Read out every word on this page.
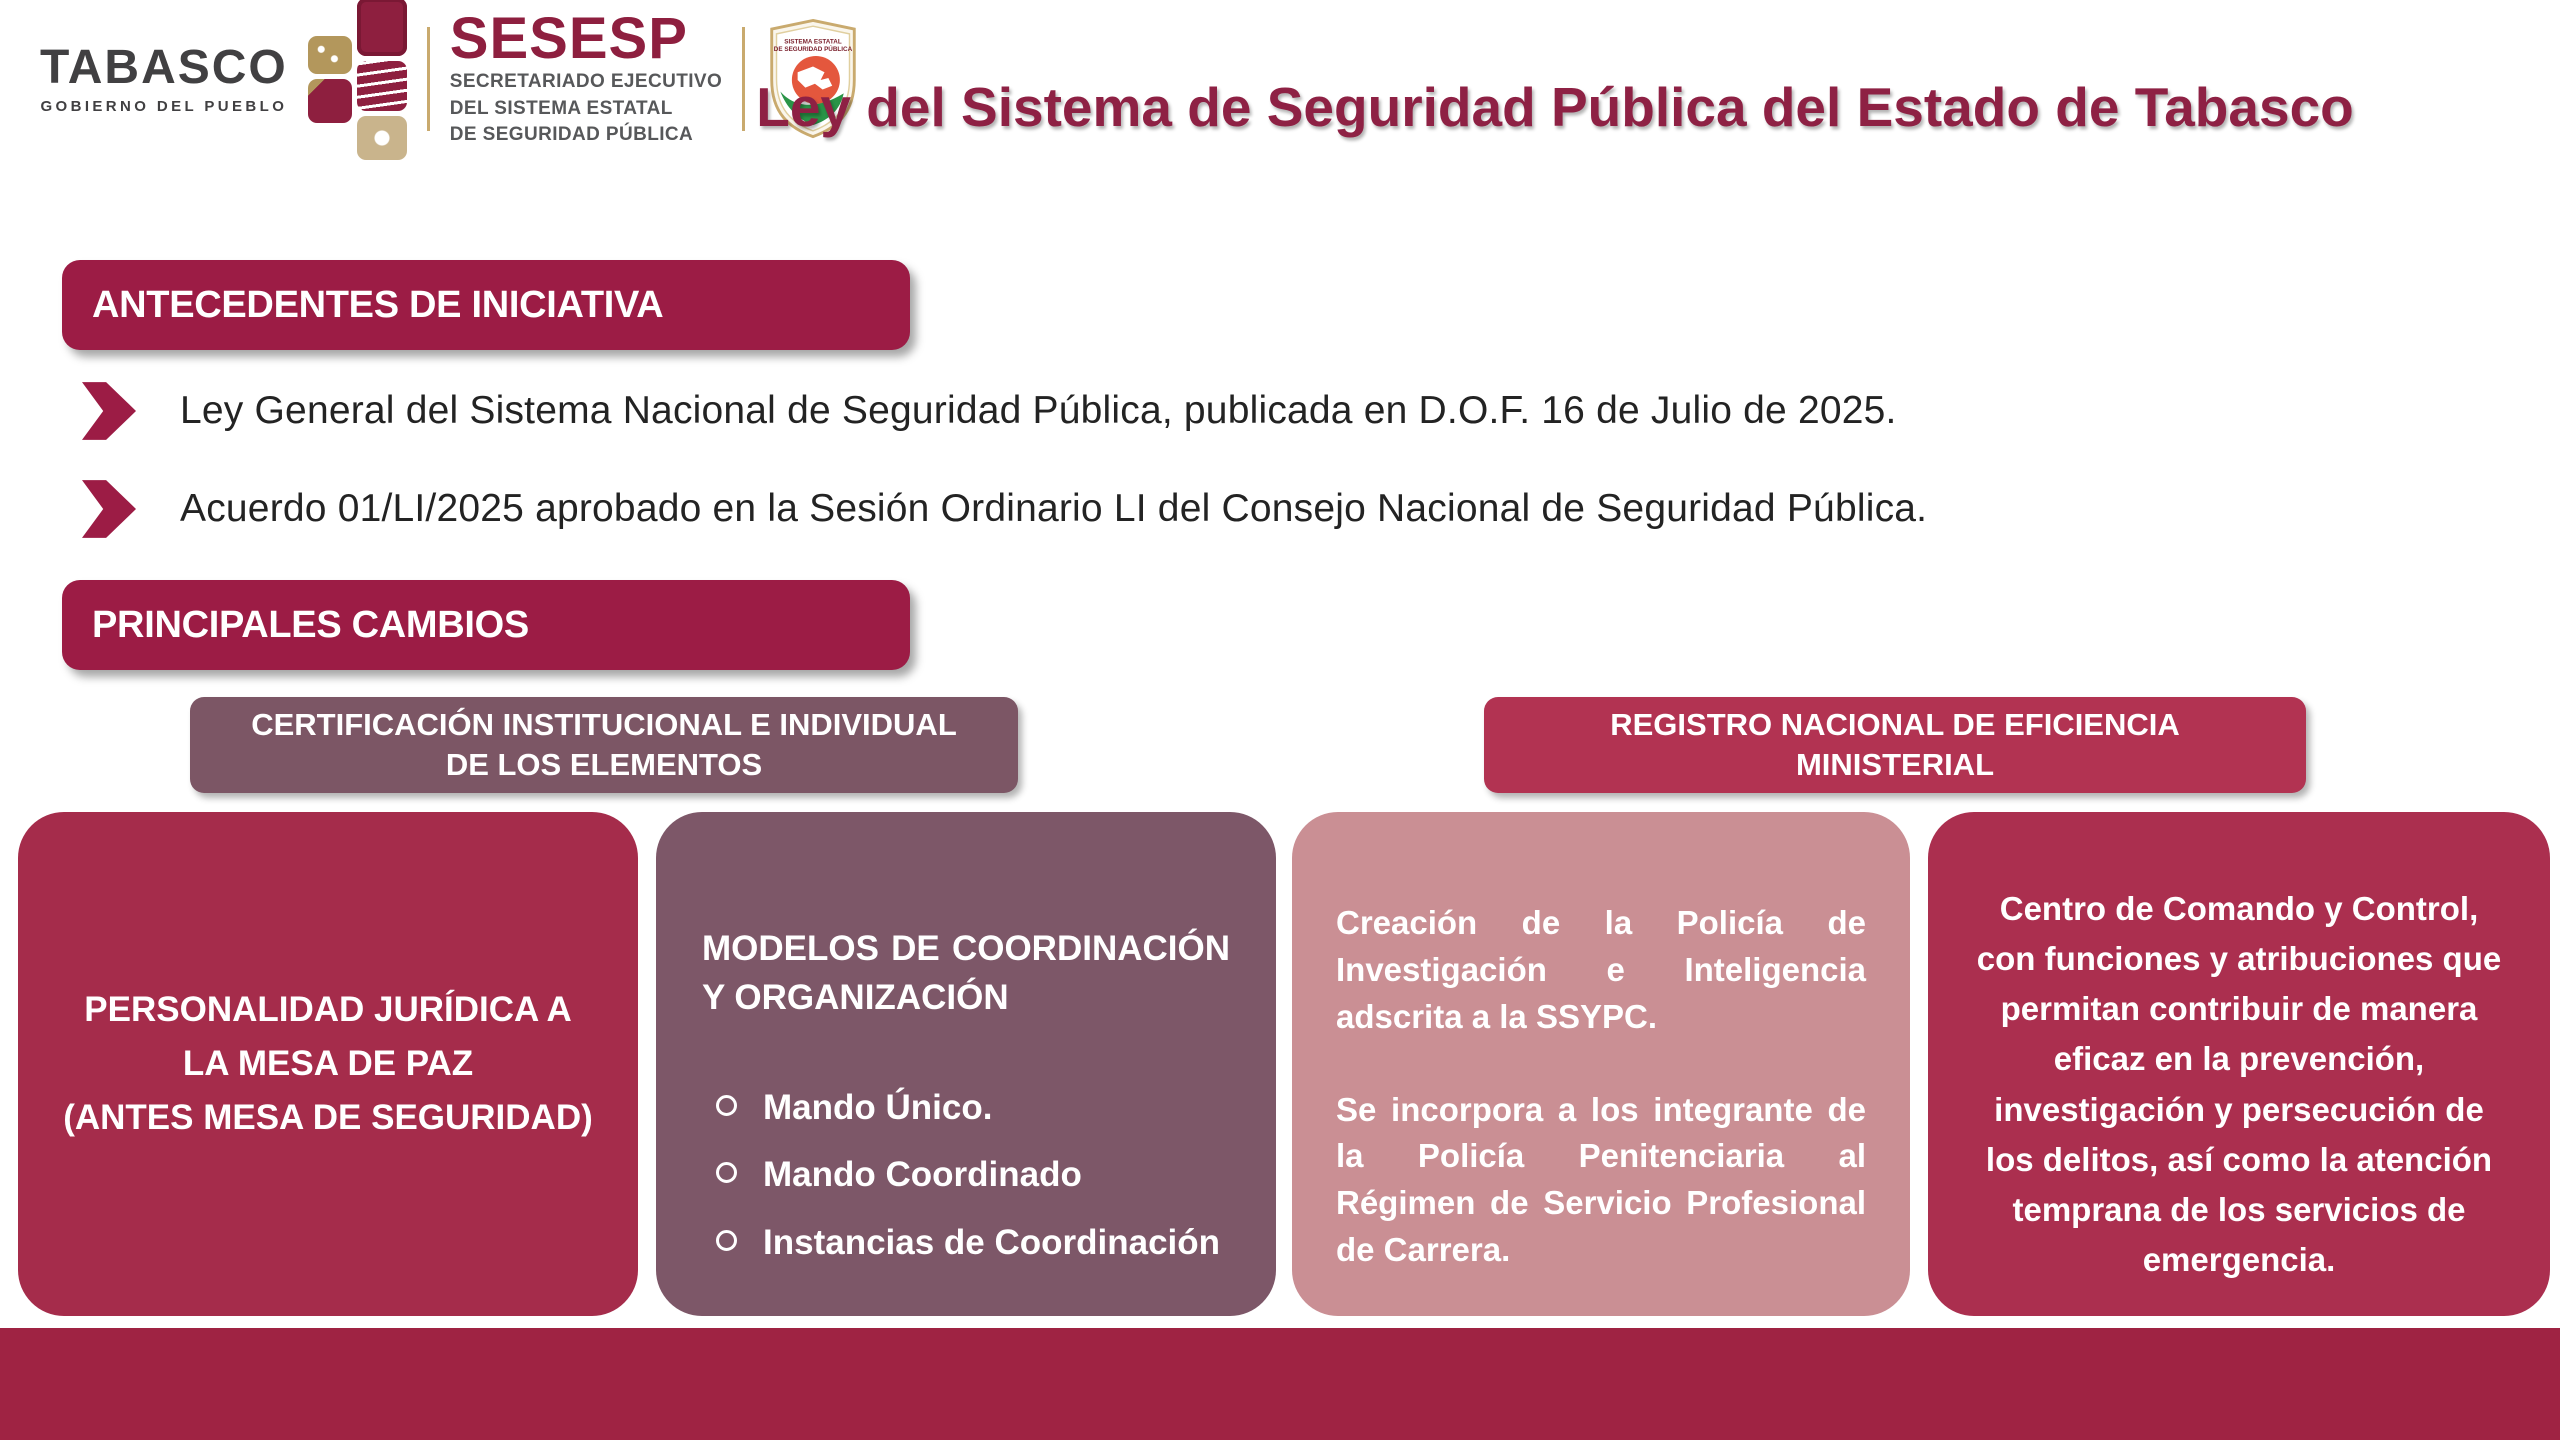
TABASCO
GOBIERNO DEL PUEBLO
SESESP
SECRETARIADO EJECUTIVO
DEL SISTEMA ESTATAL
DE SEGURIDAD PÚBLICA
SISTEMA ESTATAL
DE SEGURIDAD PÚBLICA
Ley del Sistema de Seguridad Pública del Estado de Tabasco
ANTECEDENTES DE INICIATIVA
Ley General del Sistema Nacional de Seguridad Pública, publicada en D.O.F. 16 de Julio de 2025.
Acuerdo 01/LI/2025 aprobado en la Sesión Ordinario LI del Consejo Nacional de Seguridad Pública.
PRINCIPALES CAMBIOS
CERTIFICACIÓN INSTITUCIONAL E INDIVIDUAL DE LOS ELEMENTOS
REGISTRO NACIONAL DE EFICIENCIA MINISTERIAL
PERSONALIDAD JURÍDICA A
LA MESA DE PAZ
(ANTES MESA DE SEGURIDAD)
MODELOS DE COORDINACIÓN Y ORGANIZACIÓN
Mando Único.
Mando Coordinado
Instancias de Coordinación

Creación de la Policía de Investigación e Inteligencia adscrita a la SSYPC.

Se incorpora a los integrante de la Policía Penitenciaria al Régimen de Servicio Profesional de Carrera.

Centro de Comando y Control, con funciones y atribuciones que permitan contribuir de manera eficaz en la prevención, investigación y persecución de los delitos, así como la atención temprana de los servicios de emergencia.
